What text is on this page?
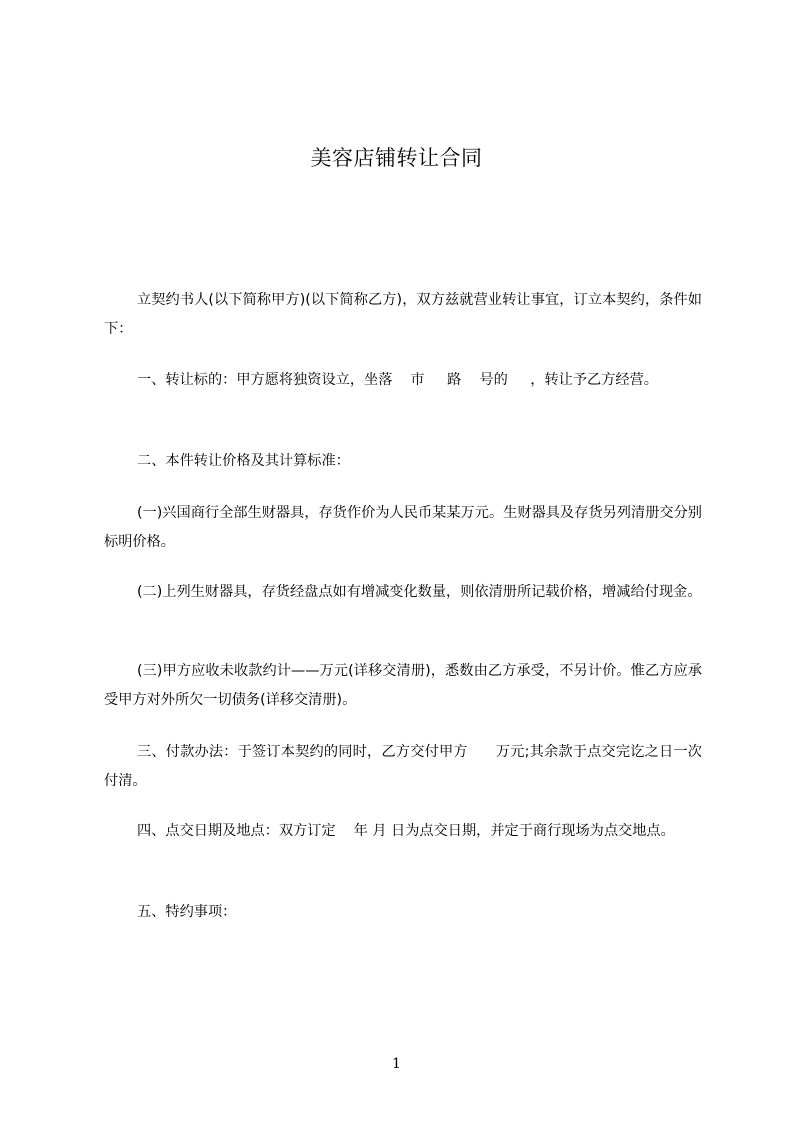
美容店铺转让合同
立契约书人(以下简称甲方)(以下简称乙方)，双方兹就营业转让事宜，订立本契约，条件如下：
一、转让标的：甲方愿将独资设立，坐落    市     路    号的     ，转让予乙方经营。
二、本件转让价格及其计算标准：
(一)兴国商行全部生财器具，存货作价为人民币某某万元。生财器具及存货另列清册交分别标明价格。
(二)上列生财器具，存货经盘点如有增减变化数量，则依清册所记载价格，增减给付现金。
(三)甲方应收未收款约计——万元(详移交清册)，悉数由乙方承受，不另计价。惟乙方应承受甲方对外所欠一切债务(详移交清册)。
三、付款办法：于签订本契约的同时，乙方交付甲方      万元;其余款于点交完讫之日一次付清。
四、点交日期及地点：双方订定    年 月 日为点交日期，并定于商行现场为点交地点。
五、特约事项：
1
